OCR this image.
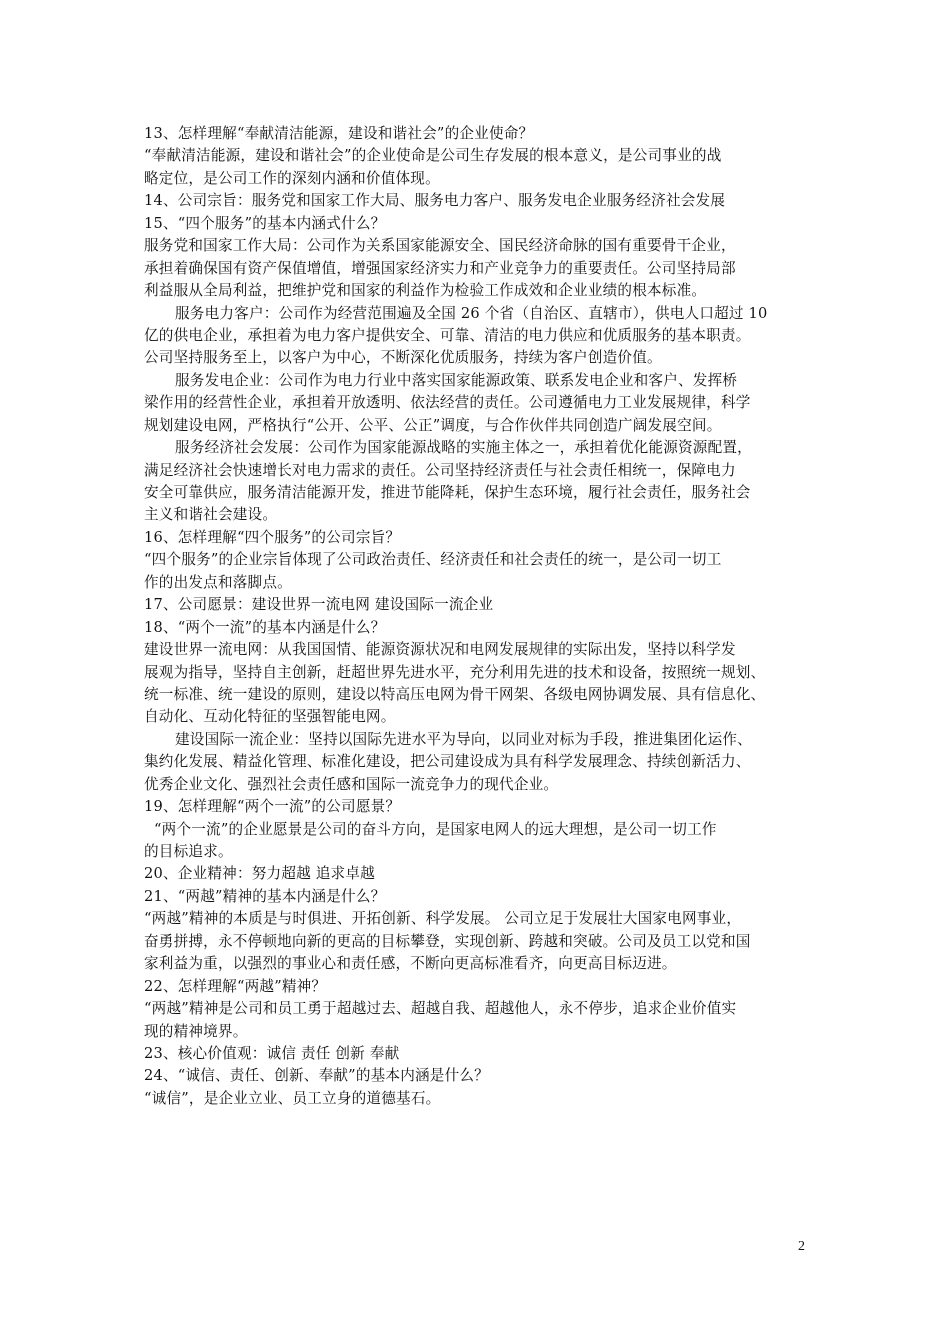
13、怎样理解“奉献清洁能源，建设和谐社会”的企业使命？
“奉献清洁能源，建设和谐社会”的企业使命是公司生存发展的根本意义，是公司事业的战
略定位，是公司工作的深刻内涵和价值体现。
14、公司宗旨：服务党和国家工作大局、服务电力客户、服务发电企业服务经济社会发展
15、“四个服务”的基本内涵式什么？
服务党和国家工作大局：公司作为关系国家能源安全、国民经济命脉的国有重要骨干企业，
承担着确保国有资产保值增值，增强国家经济实力和产业竞争力的重要责任。公司坚持局部
利益服从全局利益，把维护党和国家的利益作为检验工作成效和企业业绩的根本标准。
服务电力客户：公司作为经营范围遍及全国 26 个省（自治区、直辖市），供电人口超过 10
亿的供电企业，承担着为电力客户提供安全、可靠、清洁的电力供应和优质服务的基本职责。
公司坚持服务至上，以客户为中心，不断深化优质服务，持续为客户创造价值。
服务发电企业：公司作为电力行业中落实国家能源政策、联系发电企业和客户、发挥桥
梁作用的经营性企业，承担着开放透明、依法经营的责任。公司遵循电力工业发展规律，科学
规划建设电网，严格执行“公开、公平、公正”调度，与合作伙伴共同创造广阔发展空间。
服务经济社会发展：公司作为国家能源战略的实施主体之一，承担着优化能源资源配置，
满足经济社会快速增长对电力需求的责任。公司坚持经济责任与社会责任相统一，保障电力
安全可靠供应，服务清洁能源开发，推进节能降耗，保护生态环境，履行社会责任，服务社会
主义和谐社会建设。
16、怎样理解“四个服务”的公司宗旨？
“四个服务”的企业宗旨体现了公司政治责任、经济责任和社会责任的统一，是公司一切工
作的出发点和落脚点。
17、公司愿景：建设世界一流电网 建设国际一流企业
18、“两个一流”的基本内涵是什么？
建设世界一流电网：从我国国情、能源资源状况和电网发展规律的实际出发，坚持以科学发
展观为指导，坚持自主创新，赶超世界先进水平，充分利用先进的技术和设备，按照统一规划、
统一标准、统一建设的原则，建设以特高压电网为骨干网架、各级电网协调发展、具有信息化、
自动化、互动化特征的坚强智能电网。
建设国际一流企业：坚持以国际先进水平为导向，以同业对标为手段，推进集团化运作、
集约化发展、精益化管理、标准化建设，把公司建设成为具有科学发展理念、持续创新活力、
优秀企业文化、强烈社会责任感和国际一流竞争力的现代企业。
19、怎样理解“两个一流”的公司愿景？
“两个一流”的企业愿景是公司的奋斗方向，是国家电网人的远大理想，是公司一切工作
的目标追求。
20、企业精神：努力超越 追求卓越
21、“两越”精神的基本内涵是什么？
“两越”精神的本质是与时俱进、开拓创新、科学发展。 公司立足于发展壮大国家电网事业，
奋勇拼搏，永不停顿地向新的更高的目标攀登，实现创新、跨越和突破。公司及员工以党和国
家利益为重，以强烈的事业心和责任感，不断向更高标准看齐，向更高目标迈进。
22、怎样理解“两越”精神？
“两越”精神是公司和员工勇于超越过去、超越自我、超越他人，永不停步，追求企业价值实
现的精神境界。
23、核心价值观：诚信 责任 创新 奉献
24、“诚信、责任、创新、奉献”的基本内涵是什么？
“诚信”，是企业立业、员工立身的道德基石。
2
